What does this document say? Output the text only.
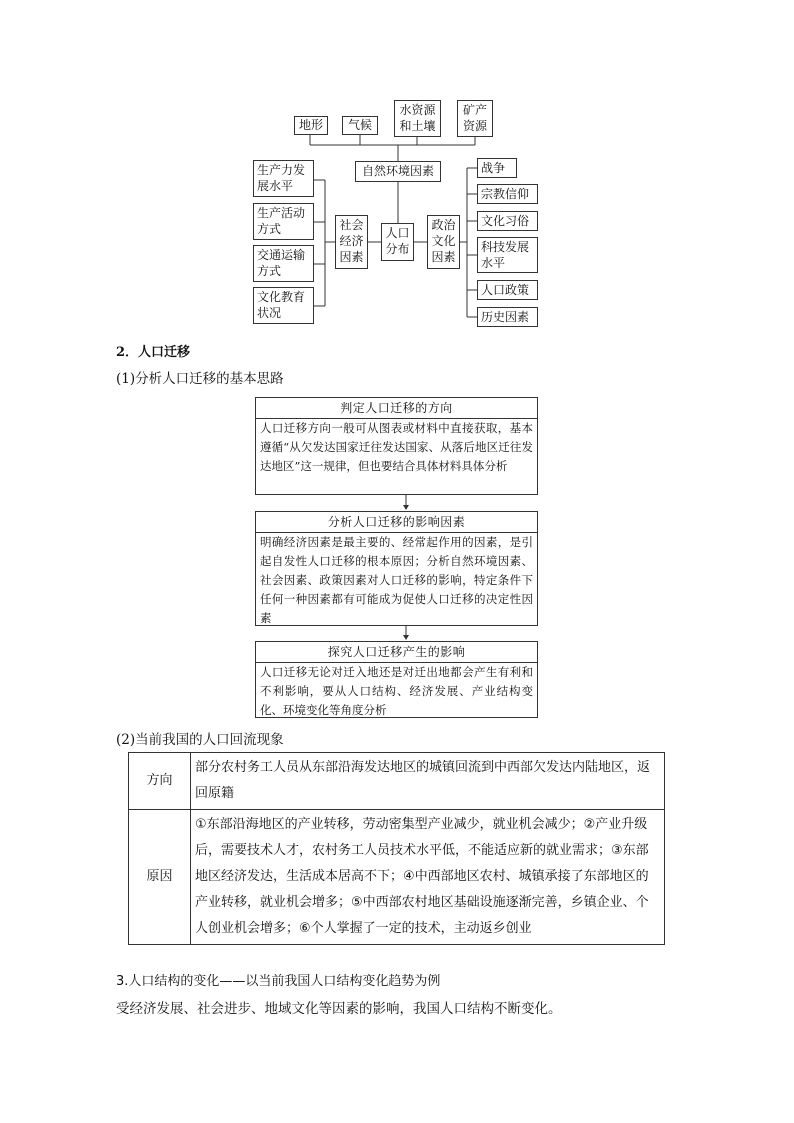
地形	气候
水资源
和土壤
矿产
资源
自然环境因素
人口
分布
社会
经济
因素
政治
文化
因素
生产力发
展水平
生产活动
方式
交通运输
方式
文化教育
状况
战争
宗教信仰
文化习俗
科技发展
水平
人口政策
历史因素
2．人口迁移
(1)分析人口迁移的基本思路
判定人口迁移的方向
人口迁移方向一般可从图表或材料中直接获取，基本遵循“从欠发达国家迁往发达国家、从落后地区迁往发达地区”这一规律，但也要结合具体材料具体分析
分析人口迁移的影响因素
明确经济因素是最主要的、经常起作用的因素，是引起自发性人口迁移的根本原因；分析自然环境因素、社会因素、政策因素对人口迁移的影响，特定条件下任何一种因素都有可能成为促使人口迁移的决定性因素
探究人口迁移产生的影响
人口迁移无论对迁入地还是对迁出地都会产生有利和不利影响，要从人口结构、经济发展、产业结构变化、环境变化等角度分析
(2)当前我国的人口回流现象
方向	部分农村务工人员从东部沿海发达地区的城镇回流到中西部欠发达内陆地区，返回原籍
原因	①东部沿海地区的产业转移，劳动密集型产业减少，就业机会减少；②产业升级后，需要技术人才，农村务工人员技术水平低，不能适应新的就业需求；③东部地区经济发达，生活成本居高不下；④中西部地区农村、城镇承接了东部地区的产业转移，就业机会增多；⑤中西部农村地区基础设施逐渐完善，乡镇企业、个人创业机会增多；⑥个人掌握了一定的技术，主动返乡创业
3.人口结构的变化——以当前我国人口结构变化趋势为例
受经济发展、社会进步、地域文化等因素的影响，我国人口结构不断变化。
